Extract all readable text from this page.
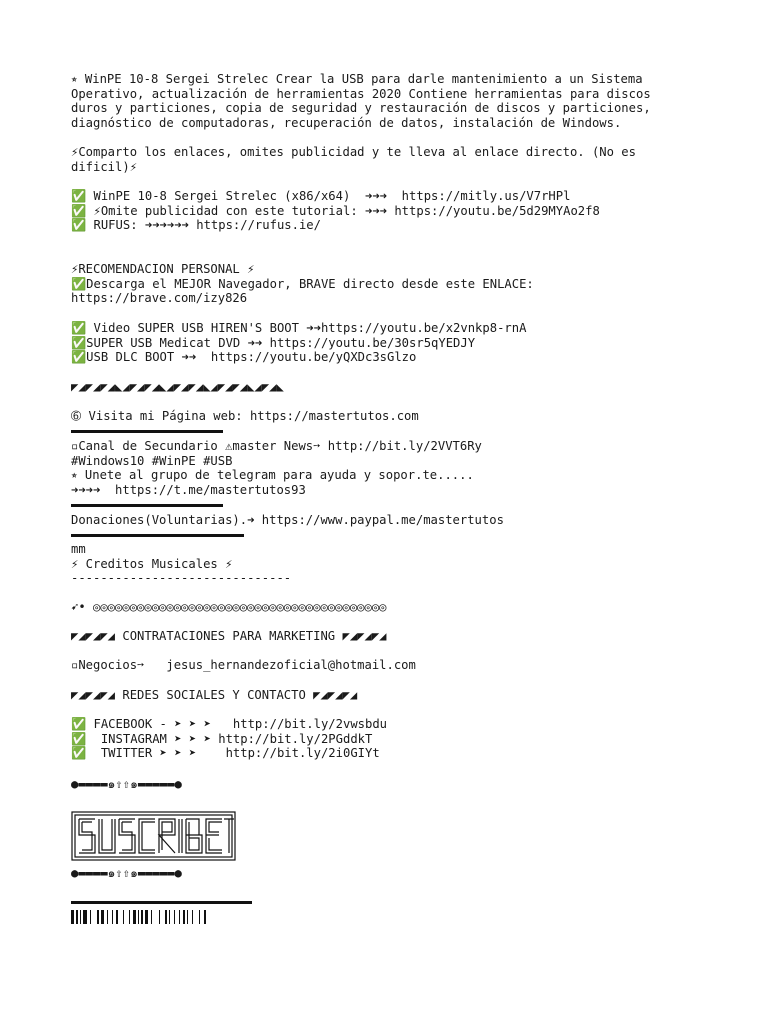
⭒ WinPE 10-8 Sergei Strelec Crear la USB para darle mantenimiento a un Sistema
Operativo, actualización de herramientas 2020 Contiene herramientas para discos
duros y particiones, copia de seguridad y restauración de discos y particiones,
diagnóstico de computadoras, recuperación de datos, instalación de Windows.
⚡Comparto los enlaces, omites publicidad y te lleva al enlace directo. (No es
dificil)⚡
✅ WinPE 10-8 Sergei Strelec (x86/x64)  ➜➜➜  https://mitly.us/V7rHPl
✅ ⚡Omite publicidad con este tutorial: ➜➜➜ https://youtu.be/5d29MYAo2f8
✅ RUFUS: ➜➜➜➜➜➜ https://rufus.ie/
⚡RECOMENDACION PERSONAL ⚡
✅Descarga el MEJOR Navegador, BRAVE directo desde este ENLACE:
https://brave.com/izy826
✅ Video SUPER USB HIREN'S BOOT ➜➜https://youtu.be/x2vnkp8-rnA
✅SUPER USB Medicat DVD ➜➜ https://youtu.be/30sr5qYEDJY
✅USB DLC BOOT ➜➜  https://youtu.be/yQXDc3sGlzo
◤◢◤◢◤◢◣◢◤◢◤◢◣◢◤◢◤◢◣◢◤◢◤◢◣◢◤◢◣
➅ Visita mi Página web: https://mastertutos.com
▫Canal de Secundario ⚠master News➙ http://bit.ly/2VVT6Ry
#Windows10 #WinPE #USB
⭒ Unete al grupo de telegram para ayuda y sopor.te.....
➜➜➜➜  https://t.me/mastertutos93
Donaciones(Voluntarias).➜ https://www.paypal.me/mastertutos
mm
⚡ Creditos Musicales ⚡
------------------------------
➹• ◎◎◎◎◎◎◎◎◎◎◎◎◎◎◎◎◎◎◎◎◎◎◎◎◎◎◎◎◎◎◎◎◎◎◎◎◎◎◎◎
◤◢◤◢◤◢ CONTRATACIONES PARA MARKETING ◤◢◤◢◤◢
▫Negocios➙   jesus_hernandezoficial@hotmail.com
◤◢◤◢◤◢ REDES SOCIALES Y CONTACTO ◤◢◤◢◤◢
✅ FACEBOOK - ➤ ➤ ➤   http://bit.ly/2vwsbdu
✅  INSTAGRAM ➤ ➤ ➤ http://bit.ly/2PGddkT
✅  TWITTER ➤ ➤ ➤    http://bit.ly/2i0GIYt
●▬▬▬▬๑⇧⇧๑▬▬▬▬▬●
●▬▬▬▬๑⇧⇧๑▬▬▬▬▬●
